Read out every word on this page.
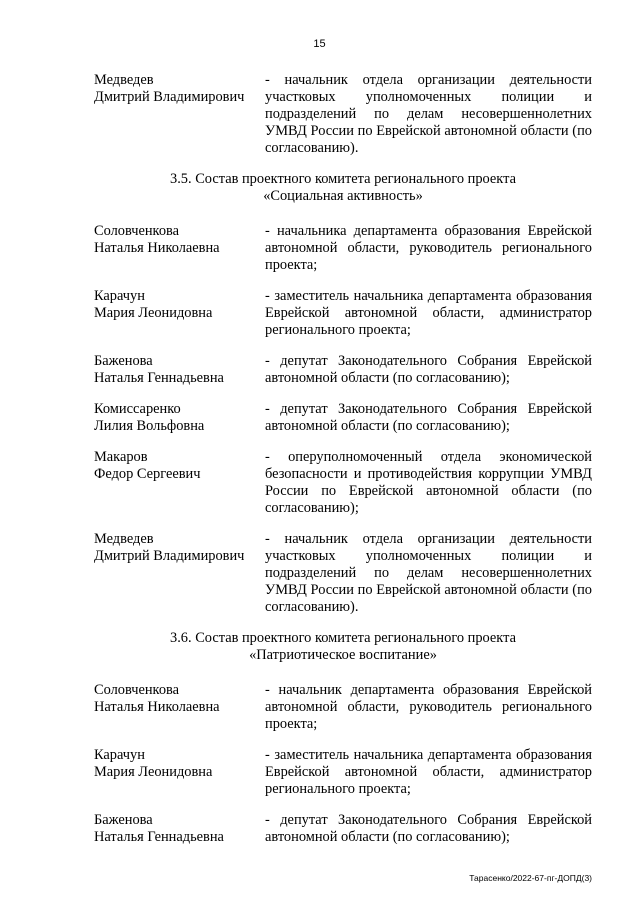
15
Медведев
Дмитрий Владимирович
- начальник отдела организации деятельности участковых уполномоченных полиции и подразделений по делам несовершеннолетних УМВД России по Еврейской автономной области (по согласованию).
3.5. Состав проектного комитета регионального проекта
«Социальная активность»
Соловченкова
Наталья Николаевна
- начальника департамента образования Еврейской автономной области, руководитель регионального проекта;
Карачун
Мария Леонидовна
- заместитель начальника департамента образования Еврейской автономной области, администратор регионального проекта;
Баженова
Наталья Геннадьевна
- депутат Законодательного Собрания Еврейской автономной области (по согласованию);
Комиссаренко
Лилия Вольфовна
- депутат Законодательного Собрания Еврейской автономной области (по согласованию);
Макаров
Федор Сергеевич
- оперуполномоченный отдела экономической безопасности и противодействия коррупции УМВД России по Еврейской автономной области (по согласованию);
Медведев
Дмитрий Владимирович
- начальник отдела организации деятельности участковых уполномоченных полиции и подразделений по делам несовершеннолетних УМВД России по Еврейской автономной области (по согласованию).
3.6. Состав проектного комитета регионального проекта
«Патриотическое воспитание»
Соловченкова
Наталья Николаевна
- начальник департамента образования Еврейской автономной области, руководитель регионального проекта;
Карачун
Мария Леонидовна
- заместитель начальника департамента образования Еврейской автономной области, администратор регионального проекта;
Баженова
Наталья Геннадьевна
- депутат Законодательного Собрания Еврейской автономной области (по согласованию);
Тарасенко/2022-67-пг-ДОПД(3)
